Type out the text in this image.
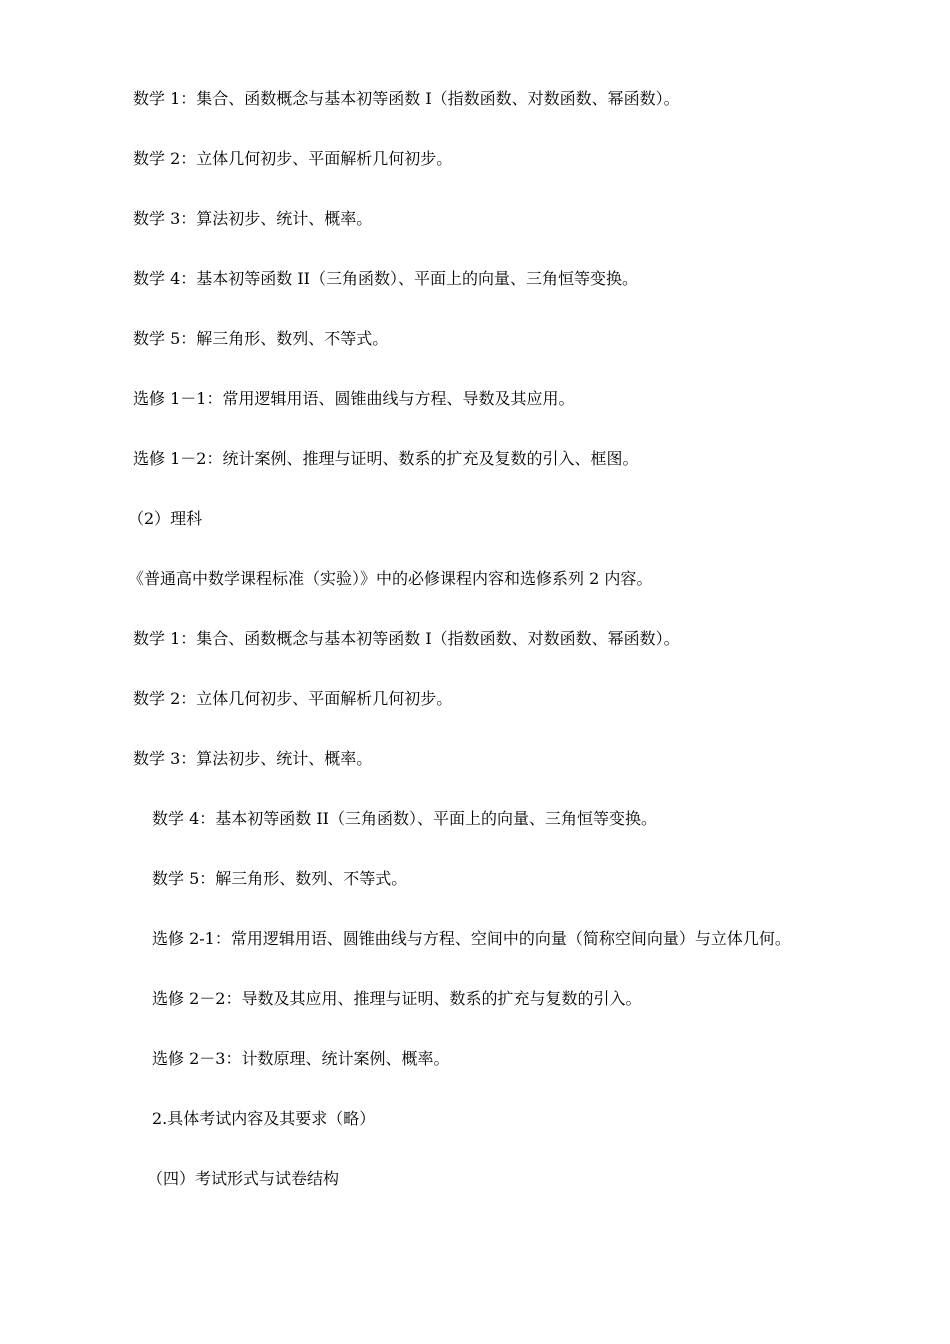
数学 1：集合、函数概念与基本初等函数 I（指数函数、对数函数、幂函数）。

数学 2：立体几何初步、平面解析几何初步。

数学 3：算法初步、统计、概率。

数学 4：基本初等函数 II（三角函数）、平面上的向量、三角恒等变换。

数学 5：解三角形、数列、不等式。

选修 1－1：常用逻辑用语、圆锥曲线与方程、导数及其应用。

选修 1－2：统计案例、推理与证明、数系的扩充及复数的引入、框图。

（2）理科

《普通高中数学课程标准（实验）》中的必修课程内容和选修系列 2 内容。

数学 1：集合、函数概念与基本初等函数 I（指数函数、对数函数、幂函数）。

数学 2：立体几何初步、平面解析几何初步。

数学 3：算法初步、统计、概率。

数学 4：基本初等函数 II（三角函数）、平面上的向量、三角恒等变换。

数学 5：解三角形、数列、不等式。

选修 2-1：常用逻辑用语、圆锥曲线与方程、空间中的向量（简称空间向量）与立体几何。

选修 2－2：导数及其应用、推理与证明、数系的扩充与复数的引入。

选修 2－3：计数原理、统计案例、概率。

2.具体考试内容及其要求（略）

（四）考试形式与试卷结构
